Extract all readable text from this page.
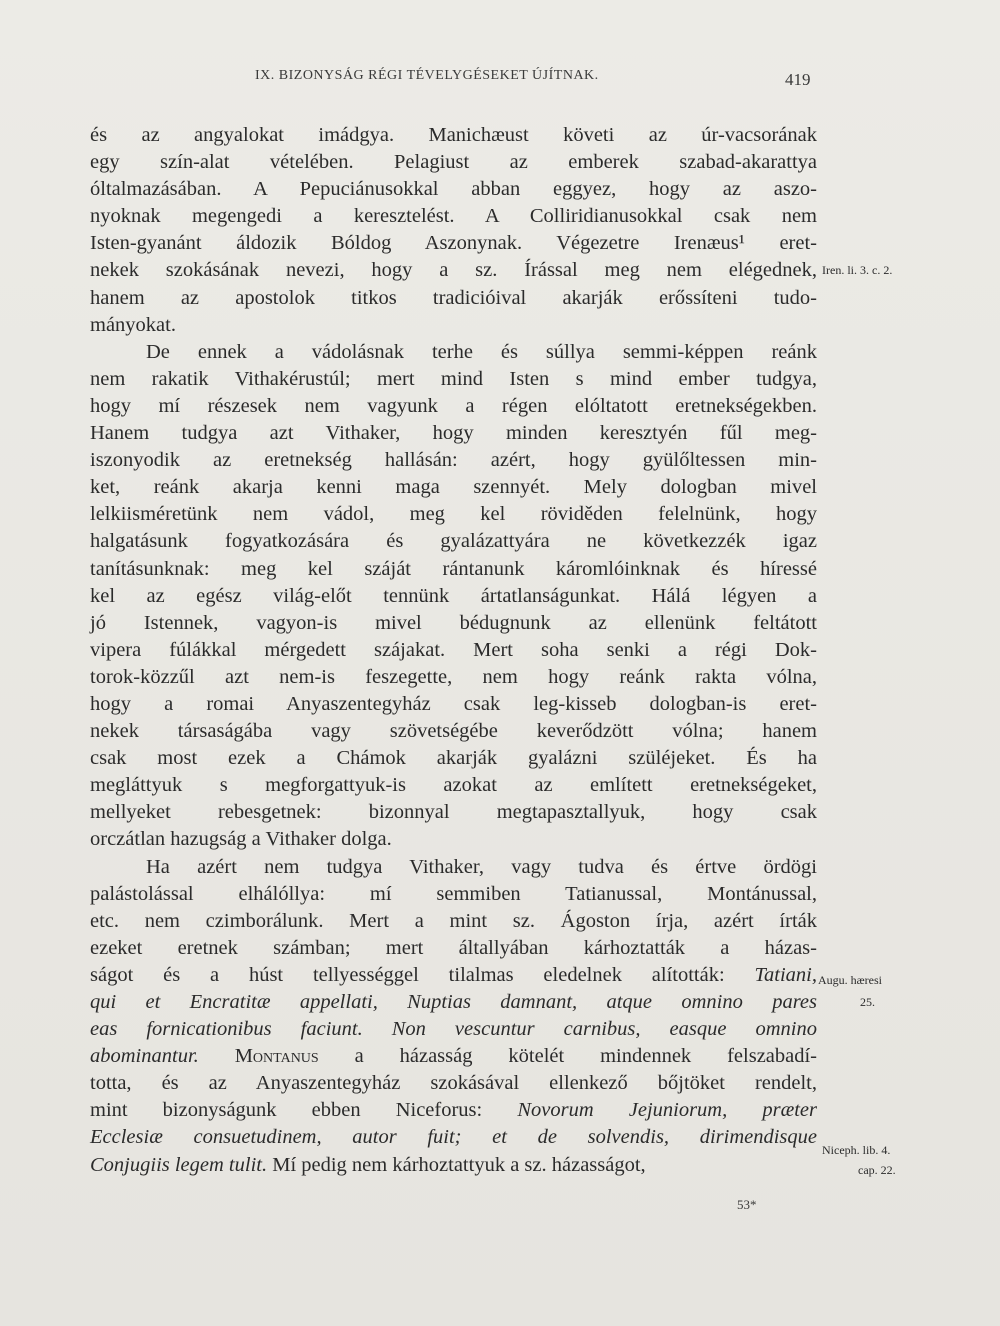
IX. BIZONYSÁG RÉGI TÉVELYGÉSEKET ÚJÍTNAK.	419
és az angyalokat imádgya. Manichæust követi az úr-vacsorának
egy szín-alat vételében. Pelagiust az emberek szabad-akarattya
óltalmazásában. A Pepuciánusokkal abban eggyez, hogy az aszo-
nyoknak megengedi a keresztelést. A Colliridianusokkal csak nem
Isten-gyanánt áldozik Bóldog Aszonynak. Végezetre Irenæus¹ eret-
nekek szokásának nevezi, hogy a sz. Írással meg nem elégednek,
hanem az apostolok titkos tradicióival akarják erőssíteni tudo-
mányokat.
De ennek a vádolásnak terhe és súllya semmi-képpen reánk
nem rakatik Vithakérustúl; mert mind Isten s mind ember tudgya,
hogy mí részesek nem vagyunk a régen elóltatott eretnekségekben.
Hanem tudgya azt Vithaker, hogy minden keresztyén fűl meg-
iszonyodik az eretnekség hallásán: azért, hogy gyülőltessen min-
ket, reánk akarja kenni maga szennyét. Mely dologban mivel
lelkiisméretünk nem vádol, meg kel röviděden felelnünk, hogy
halgatásunk fogyatkozására és gyalázattyára ne következzék igaz
tanításunknak: meg kel száját rántanunk káromlóinknak és híressé
kel az egész világ-előt tennünk ártatlanságunkat. Hálá légyen a
jó Istennek, vagyon-is mivel bédugnunk az ellenünk feltátott
vipera fúlákkal mérgedett szájakat. Mert soha senki a régi Dok-
torok-közzűl azt nem-is feszegette, nem hogy reánk rakta vólna,
hogy a romai Anyaszentegyház csak leg-kisseb dologban-is eret-
nekek társaságába vagy szövetségébe keverődzött vólna; hanem
csak most ezek a Chámok akarják gyalázni szüléjeket. És ha
megláttyuk s megforgattyuk-is azokat az említett eretnekségeket,
mellyeket rebesgetnek: bizonnyal megtapasztallyuk, hogy csak
orczátlan hazugság a Vithaker dolga.
Ha azért nem tudgya Vithaker, vagy tudva és értve ördögi
palástolással elhálóllya: mí semmiben Tatianussal, Montánussal,
etc. nem czimborálunk. Mert a mint sz. Ágoston írja, azért írták
ezeket eretnek számban; mert általlyában kárhoztatták a házas-
ságot és a húst tellyességgel tilalmas eledelnek alították: Tatiani,
qui et Encratitæ appellati, Nuptias damnant, atque omnino pares
eas fornicationibus faciunt. Non vescuntur carnibus, easque omnino
abominantur. Montanus a házasság kötelét mindennek felszabadí-
totta, és az Anyaszentegyház szokásával ellenkező bőjtöket rendelt,
mint bizonyságunk ebben Niceforus: Novorum Jejuniorum, præter
Ecclesiæ consuetudinem, autor fuit; et de solvendis, dirimendisque
Conjugiis legem tulit. Mí pedig nem kárhoztattyuk a sz. házasságot,
Iren. li. 3. c. 2.
Augu. hæresi
25.
Niceph. lib. 4.
cap. 22.
53*
